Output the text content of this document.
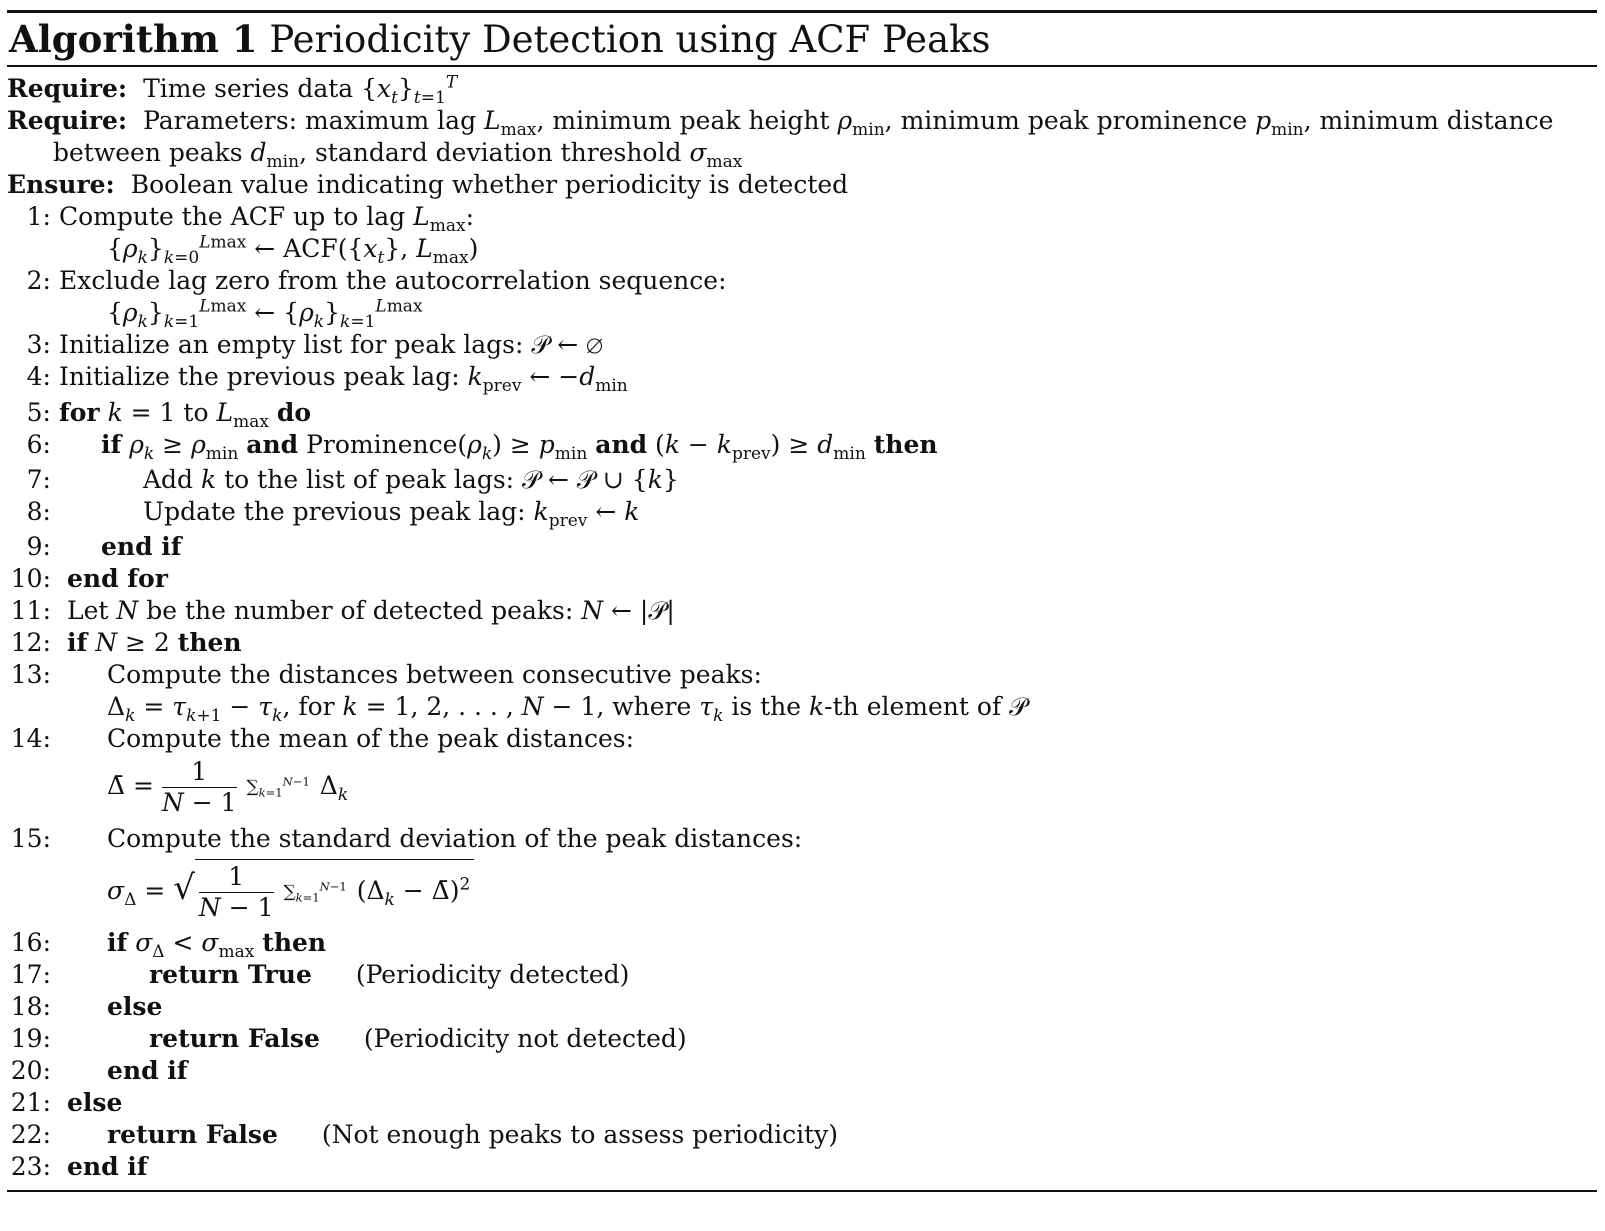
Algorithm 1 Periodicity Detection using ACF Peaks
Require: Time series data $\{x_t\}_{t=1}^T$
Require: Parameters: maximum lag $L_{max}$, minimum peak height $\rho_{min}$, minimum peak prominence $p_{min}$, minimum distance
between peaks $d_{min}$, standard deviation threshold $\sigma_{max}$
Ensure: Boolean value indicating whether periodicity is detected
1: Compute the ACF up to lag $L_{max}$:
$\{\rho_k\}_{k=0}^{Lmax}$ ← $ACF(\{x_t\}$, $L_{max}$)
2: Exclude lag zero from the autocorrelation sequence:
$\{\rho_k\}_{k=1}^{Lmax}$ ← $\{\rho_k\}_{k=1}^{Lmax}$
3: Initialize an empty list for peak lags: 𝒫 ← ∅
4: Initialize the previous peak lag: $k_{prev}$ ← $-d_{min}$
5: for k = 1 to $L_{max}$ do
6: if $\rho_k \ge \rho_{min}$ and $Prominence(\rho_k) \ge p_{min}$ and $(k - k_{prev}) \ge d_{min}$ then
7:	Add k to the list of peak lags: 𝒫 ← 𝒫 ∪ {k}
8:	Update the previous peak lag: $k_{prev}$ ← k
9: end if
10: end for
11: Let N be the number of detected peaks: N ← |𝒫|
12: if N ≥ 2 then
13: Compute the distances between consecutive peaks:
$\Delta_k = \tau_{k+1} - \tau_k$, for k = 1, 2, . . . , N − 1, where $\tau_k$ is the k-th element of 𝒫
14: Compute the mean of the peak distances:
Δ̄ = $\frac{1}{N - 1} \sum_{k=1}^{N-1}$ $\Delta_k$
15: Compute the standard deviation of the peak distances:
$\sigma_\Delta$ = √ $\frac{1}{N - 1} \sum_{k=1}^{N-1}$ ($\Delta_k$ − Δ̄)$^2$
16: if $\sigma_\Delta < \sigma_{max}$ then
17:	return True (Periodicity detected)
18: else
19:	return False (Periodicity not detected)
20: end if
21: else
22: return False (Not enough peaks to assess periodicity)
23: end if
